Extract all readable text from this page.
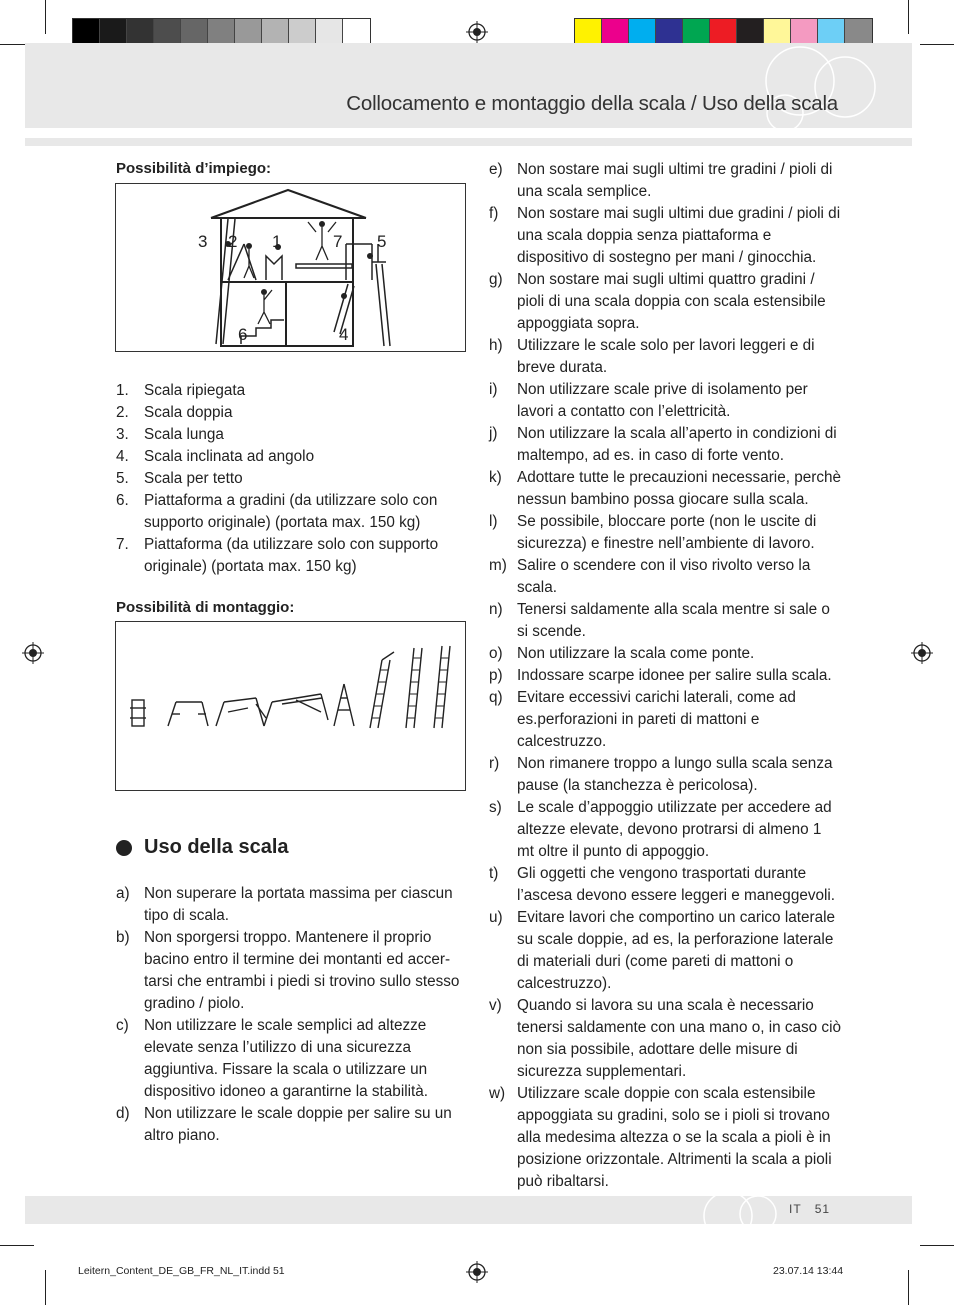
Collocamento e montaggio della scala / Uso della scala
Possibilità d’impiego:
3 2 1	7 5
6	4
1. Scala ripiegata
2. Scala doppia
3. Scala lunga
4. Scala inclinata ad angolo
5. Scala per tetto
6. Piattaforma a gradini (da utilizzare solo con supporto originale) (portata max. 150 kg)
7. Piattaforma (da utilizzare solo con supporto originale) (portata max. 150 kg)
Possibilità di montaggio:
Uso della scala
a) Non superare la portata massima per ciascun tipo di scala.
b) Non sporgersi troppo. Mantenere il proprio bacino entro il termine dei montanti ed accer-tarsi che entrambi i piedi si trovino sullo stesso gradino / piolo.
c) Non utilizzare le scale semplici ad altezze elevate senza l’utilizzo di una sicurezza aggiuntiva. Fissare la scala o utilizzare un dispositivo idoneo a garantirne la stabilità.
d) Non utilizzare le scale doppie per salire su un altro piano.
e) Non sostare mai sugli ultimi tre gradini / pioli di una scala semplice.
f)	Non sostare mai sugli ultimi due gradini / pioli di una scala doppia senza piattaforma e dispositivo di sostegno per mani / ginocchia.
g) Non sostare mai sugli ultimi quattro gradini / pioli di una scala doppia con scala estensibile appoggiata sopra.
h) Utilizzare le scale solo per lavori leggeri e di breve durata.
i)	Non utilizzare scale prive di isolamento per lavori a contatto con l’elettricità.
j)	Non utilizzare la scala all’aperto in condizioni di maltempo, ad es. in caso di forte vento.
k) Adottare tutte le precauzioni necessarie, perchè nessun bambino possa giocare sulla scala.
l)	Se possibile, bloccare porte (non le uscite di sicurezza) e finestre nell’ambiente di lavoro.
m) Salire o scendere con il viso rivolto verso la scala.
n) Tenersi saldamente alla scala mentre si sale o si scende.
o) Non utilizzare la scala come ponte.
p) Indossare scarpe idonee per salire sulla scala.
q) Evitare eccessivi carichi laterali, come ad es.perforazioni in pareti di mattoni e calcestruzzo.
r)	Non rimanere troppo a lungo sulla scala senza pause (la stanchezza è pericolosa).
s) Le scale d’appoggio utilizzate per accedere ad altezze elevate, devono protrarsi di almeno 1 mt oltre il punto di appoggio.
t)	Gli oggetti che vengono trasportati durante l’ascesa devono essere leggeri e maneggevoli.
u) Evitare lavori che comportino un carico laterale su scale doppie, ad es, la perforazione laterale di materiali duri (come pareti di mattoni o calcestruzzo).
v) Quando si lavora su una scala è necessario tenersi saldamente con una mano o, in caso ciò non sia possibile, adottare delle misure di sicurezza supplementari.
w) Utilizzare scale doppie con scala estensibile appoggiata su gradini, solo se i pioli si trovano alla medesima altezza o se la scala a pioli è in posizione orizzontale. Altrimenti la scala a pioli può ribaltarsi.
IT 51
Leitern_Content_DE_GB_FR_NL_IT.indd 51	23.07.14 13:44
